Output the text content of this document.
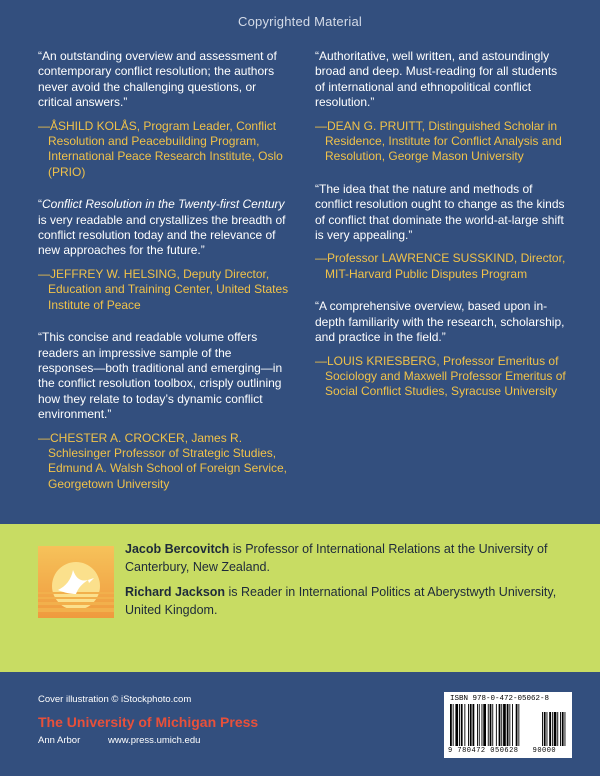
Copyrighted Material

“An outstanding overview and assessment of contemporary conflict resolution; the authors never avoid the challenging questions, or critical answers.”

—ÅSHILD KOLÅS, Program Leader, Conflict Resolution and Peacebuilding Program, International Peace Research Institute, Oslo (PRIO)

“Conflict Resolution in the Twenty-first Century is very readable and crystallizes the breadth of conflict resolution today and the relevance of new approaches for the future.”

—JEFFREY W. HELSING, Deputy Director, Education and Training Center, United States Institute of Peace

“This concise and readable volume offers readers an impressive sample of the responses—both traditional and emerging—in the conflict resolution toolbox, crisply outlining how they relate to today’s dynamic conflict environment.”

—CHESTER A. CROCKER, James R. Schlesinger Professor of Strategic Studies, Edmund A. Walsh School of Foreign Service, Georgetown University

“Authoritative, well written, and astoundingly broad and deep. Must-reading for all students of international and ethnopolitical conflict resolution.”

—DEAN G. PRUITT, Distinguished Scholar in Residence, Institute for Conflict Analysis and Resolution, George Mason University

“The idea that the nature and methods of conflict resolution ought to change as the kinds of conflict that dominate the world-at-large shift is very appealing.”

—Professor LAWRENCE SUSSKIND, Director, MIT-Harvard Public Disputes Program

“A comprehensive overview, based upon in-depth familiarity with the research, scholarship, and practice in the field.”

—LOUIS KRIESBERG, Professor Emeritus of Sociology and Maxwell Professor Emeritus of Social Conflict Studies, Syracuse University

Jacob Bercovitch is Professor of International Relations at the University of Canterbury, New Zealand.

Richard Jackson is Reader in International Politics at Aberystwyth University, United Kingdom.

Cover illustration © iStockphoto.com
The University of Michigan Press
Ann Arbor	www.press.umich.edu
ISBN 978-0-472-05062-8
9 780472 050628 90000
